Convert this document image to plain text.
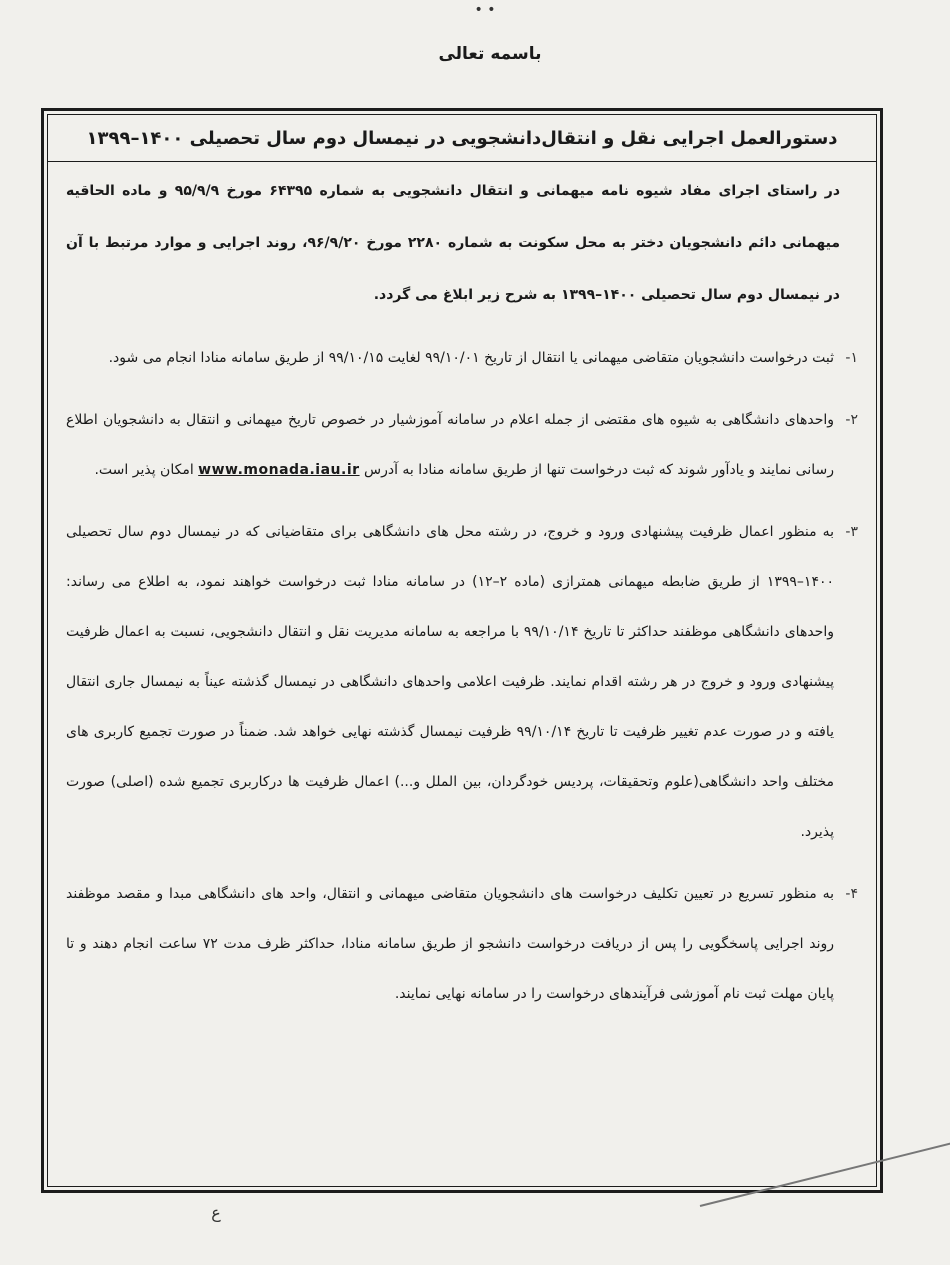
• •
باسمه تعالی
دستورالعمل اجرایی نقل و انتقال‌دانشجویی در نیمسال دوم سال تحصیلی ۱۴۰۰–۱۳۹۹

در راستای اجرای مفاد شیوه نامه میهمانی و انتقال دانشجویی به شماره ۶۴۳۹۵ مورخ ۹۵/۹/۹ و ماده الحاقیه میهمانی دائم دانشجویان دختر به محل سکونت به شماره ۲۲۸۰ مورخ ۹۶/۹/۲۰، روند اجرایی و موارد مرتبط با آن در نیمسال دوم سال تحصیلی ۱۴۰۰–۱۳۹۹ به شرح زیر ابلاغ می گردد.

۱-

ثبت درخواست دانشجویان متقاضی میهمانی یا انتقال از تاریخ ۹۹/۱۰/۰۱ لغایت ۹۹/۱۰/۱۵ از طریق سامانه منادا انجام می شود.

۲-

واحدهای دانشگاهی به شیوه های مقتضی از جمله اعلام در سامانه آموزشیار در خصوص تاریخ میهمانی و انتقال به دانشجویان اطلاع رسانی نمایند و یادآور شوند که ثبت درخواست تنها از طریق سامانه منادا به آدرس www.monada.iau.ir امکان پذیر است.

۳-

به منظور اعمال ظرفیت پیشنهادی ورود و خروج، در رشته محل های دانشگاهی برای متقاضیانی که در نیمسال دوم سال تحصیلی ۱۴۰۰–۱۳۹۹ از طریق ضابطه میهمانی همترازی (ماده ۲–۱۲) در سامانه منادا ثبت درخواست خواهند نمود، به اطلاع می رساند: واحدهای دانشگاهی موظفند حداکثر تا تاریخ ۹۹/۱۰/۱۴ با مراجعه به سامانه مدیریت نقل و انتقال دانشجویی، نسبت به اعمال ظرفیت پیشنهادی ورود و خروج در هر رشته اقدام نمایند. ظرفیت اعلامی واحدهای دانشگاهی در نیمسال گذشته عیناً به نیمسال جاری انتقال یافته و در صورت عدم تغییر ظرفیت تا تاریخ ۹۹/۱۰/۱۴ ظرفیت نیمسال گذشته نهایی خواهد شد. ضمناً در صورت تجمیع کاربری های مختلف واحد دانشگاهی(علوم وتحقیقات، پردیس خودگردان، بین الملل و...) اعمال ظرفیت ها درکاربری تجمیع شده (اصلی) صورت پذیرد.

۴-

به منظور تسریع در تعیین تکلیف درخواست های دانشجویان متقاضی میهمانی و انتقال، واحد های دانشگاهی مبدا و مقصد موظفند روند اجرایی پاسخگویی را پس از دریافت درخواست دانشجو از طریق سامانه منادا، حداکثر ظرف مدت ۷۲ ساعت انجام دهند و تا پایان مهلت ثبت نام آموزشی فرآیندهای درخواست را در سامانه نهایی نمایند.

ﻉ
